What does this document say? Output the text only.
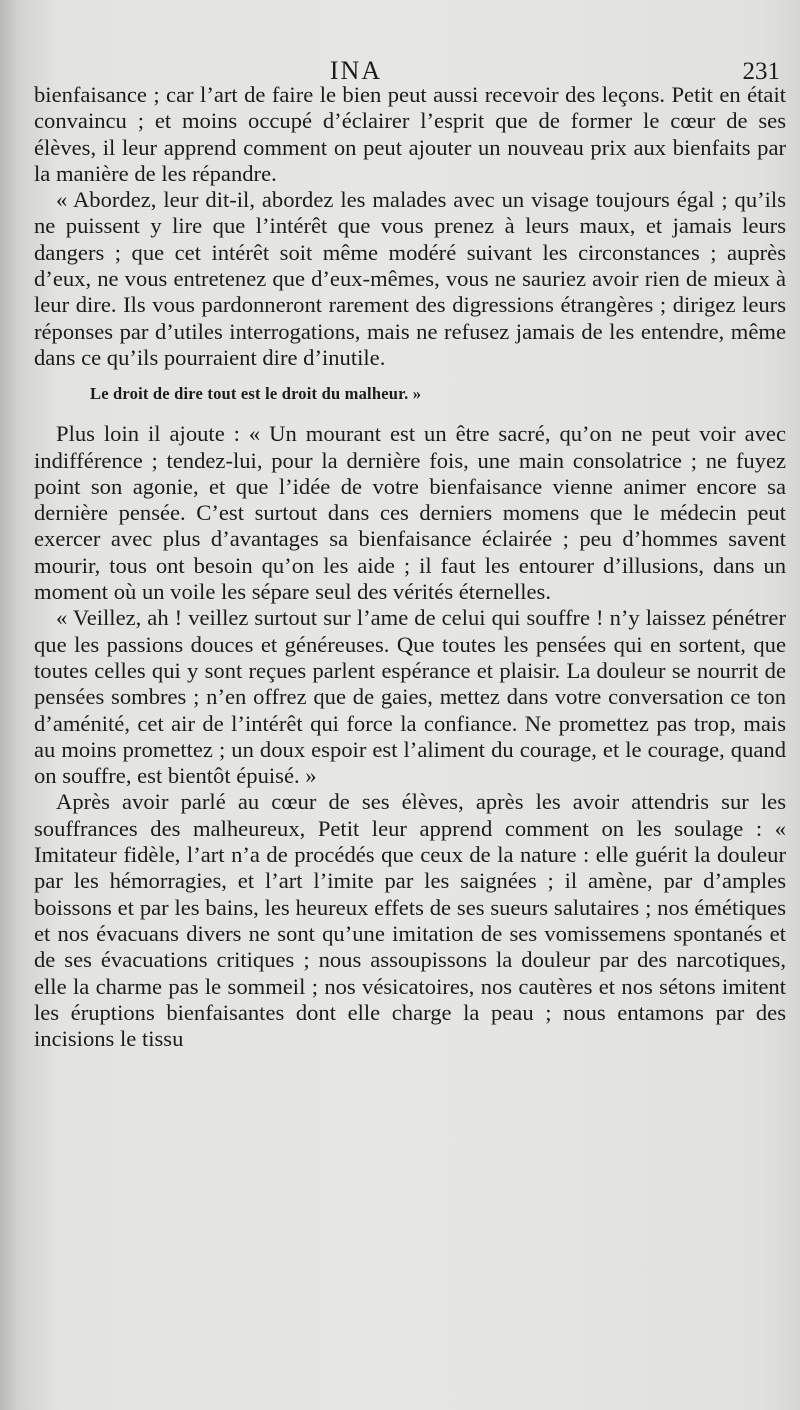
INA	231

bienfaisance ; car l’art de faire le bien peut aussi recevoir des leçons. Petit en était convaincu ; et moins occupé d’éclairer l’esprit que de former le cœur de ses élèves, il leur apprend comment on peut ajouter un nouveau prix aux bienfaits par la manière de les répandre.

« Abordez, leur dit-il, abordez les malades avec un visage toujours égal ; qu’ils ne puissent y lire que l’intérêt que vous prenez à leurs maux, et jamais leurs dangers ; que cet intérêt soit même modéré suivant les circonstances ; auprès d’eux, ne vous entretenez que d’eux-mêmes, vous ne sauriez avoir rien de mieux à leur dire. Ils vous pardonneront rarement des digressions étrangères ; dirigez leurs réponses par d’utiles interrogations, mais ne refusez jamais de les entendre, même dans ce qu’ils pourraient dire d’inutile.

Le droit de dire tout est le droit du malheur. »

Plus loin il ajoute : « Un mourant est un être sacré, qu’on ne peut voir avec indifférence ; tendez-lui, pour la dernière fois, une main consolatrice ; ne fuyez point son agonie, et que l’idée de votre bienfaisance vienne animer encore sa dernière pensée. C’est surtout dans ces derniers momens que le médecin peut exercer avec plus d’avantages sa bienfaisance éclairée ; peu d’hommes savent mourir, tous ont besoin qu’on les aide ; il faut les entourer d’illusions, dans un moment où un voile les sépare seul des vérités éternelles.

« Veillez, ah ! veillez surtout sur l’ame de celui qui souffre ! n’y laissez pénétrer que les passions douces et généreuses. Que toutes les pensées qui en sortent, que toutes celles qui y sont reçues parlent espérance et plaisir. La douleur se nourrit de pensées sombres ; n’en offrez que de gaies, mettez dans votre conversation ce ton d’aménité, cet air de l’intérêt qui force la confiance. Ne promettez pas trop, mais au moins promettez ; un doux espoir est l’aliment du courage, et le courage, quand on souffre, est bientôt épuisé. »

Après avoir parlé au cœur de ses élèves, après les avoir attendris sur les souffrances des malheureux, Petit leur apprend comment on les soulage : « Imitateur fidèle, l’art n’a de procédés que ceux de la nature : elle guérit la douleur par les hémorragies, et l’art l’imite par les saignées ; il amène, par d’amples boissons et par les bains, les heureux effets de ses sueurs salutaires ; nos émétiques et nos évacuans divers ne sont qu’une imitation de ses vomissemens spontanés et de ses évacuations critiques ; nous assoupissons la douleur par des narcotiques, elle la charme pas le sommeil ; nos vésicatoires, nos cautères et nos sétons imitent les éruptions bienfaisantes dont elle charge la peau ; nous entamons par des incisions le tissu
